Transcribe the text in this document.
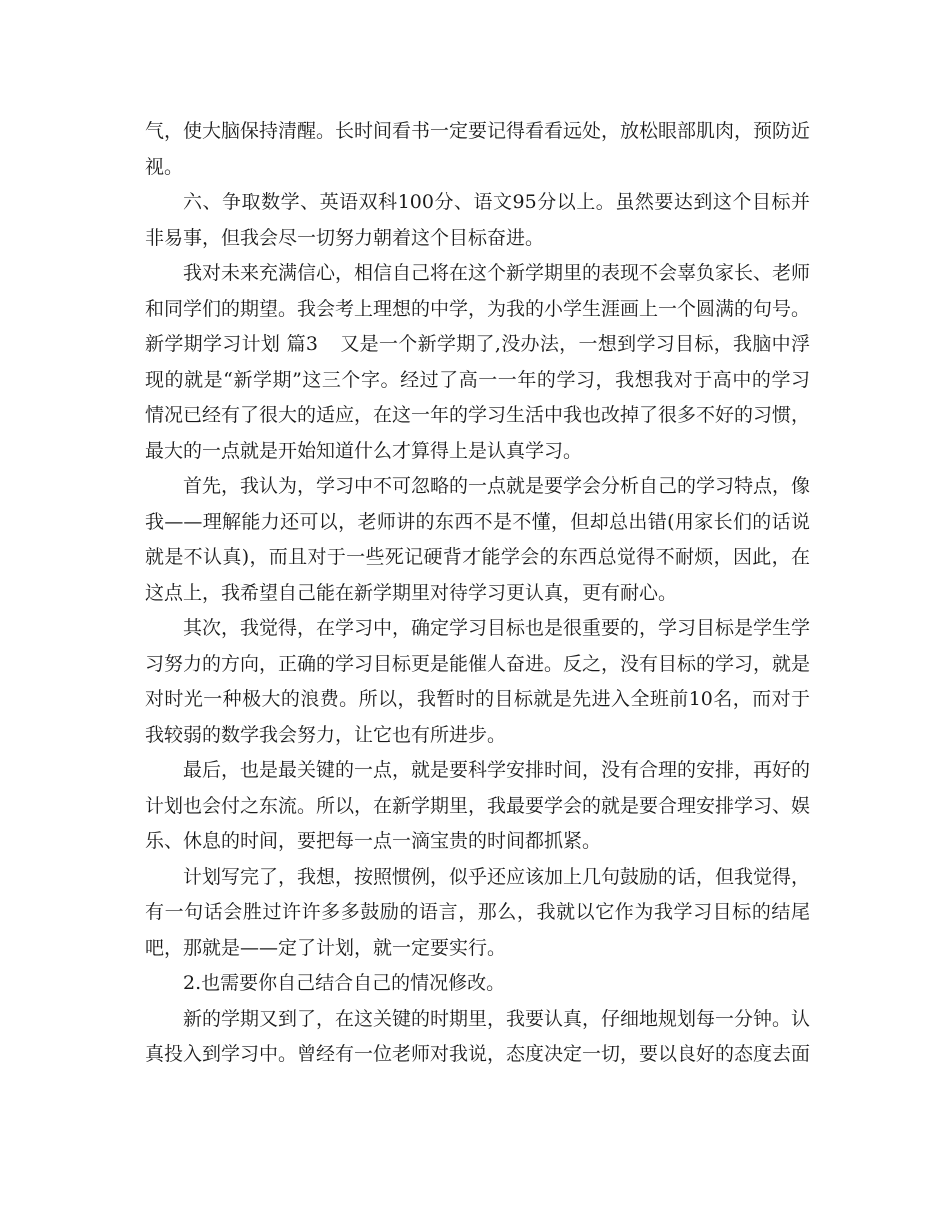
气，使大脑保持清醒。长时间看书一定要记得看看远处，放松眼部肌肉，预防近视。

六、争取数学、英语双科100分、语文95分以上。虽然要达到这个目标并非易事，但我会尽一切努力朝着这个目标奋进。

我对未来充满信心，相信自己将在这个新学期里的表现不会辜负家长、老师和同学们的期望。我会考上理想的中学，为我的小学生涯画上一个圆满的句号。

新学期学习计划 篇3 又是一个新学期了,没办法，一想到学习目标，我脑中浮现的就是“新学期”这三个字。经过了高一一年的学习，我想我对于高中的学习情况已经有了很大的适应，在这一年的学习生活中我也改掉了很多不好的习惯，最大的一点就是开始知道什么才算得上是认真学习。

首先，我认为，学习中不可忽略的一点就是要学会分析自己的学习特点，像我——理解能力还可以，老师讲的东西不是不懂，但却总出错(用家长们的话说就是不认真)，而且对于一些死记硬背才能学会的东西总觉得不耐烦，因此，在这点上，我希望自己能在新学期里对待学习更认真，更有耐心。

其次，我觉得，在学习中，确定学习目标也是很重要的，学习目标是学生学习努力的方向，正确的学习目标更是能催人奋进。反之，没有目标的学习，就是对时光一种极大的浪费。所以，我暂时的目标就是先进入全班前10名，而对于我较弱的数学我会努力，让它也有所进步。

最后，也是最关键的一点，就是要科学安排时间，没有合理的安排，再好的计划也会付之东流。所以，在新学期里，我最要学会的就是要合理安排学习、娱乐、休息的时间，要把每一点一滴宝贵的时间都抓紧。

计划写完了，我想，按照惯例，似乎还应该加上几句鼓励的话，但我觉得，有一句话会胜过许许多多鼓励的语言，那么，我就以它作为我学习目标的结尾吧，那就是——定了计划，就一定要实行。

2.也需要你自己结合自己的情况修改。

新的学期又到了，在这关键的时期里，我要认真，仔细地规划每一分钟。认真投入到学习中。曾经有一位老师对我说，态度决定一切，要以良好的态度去面
